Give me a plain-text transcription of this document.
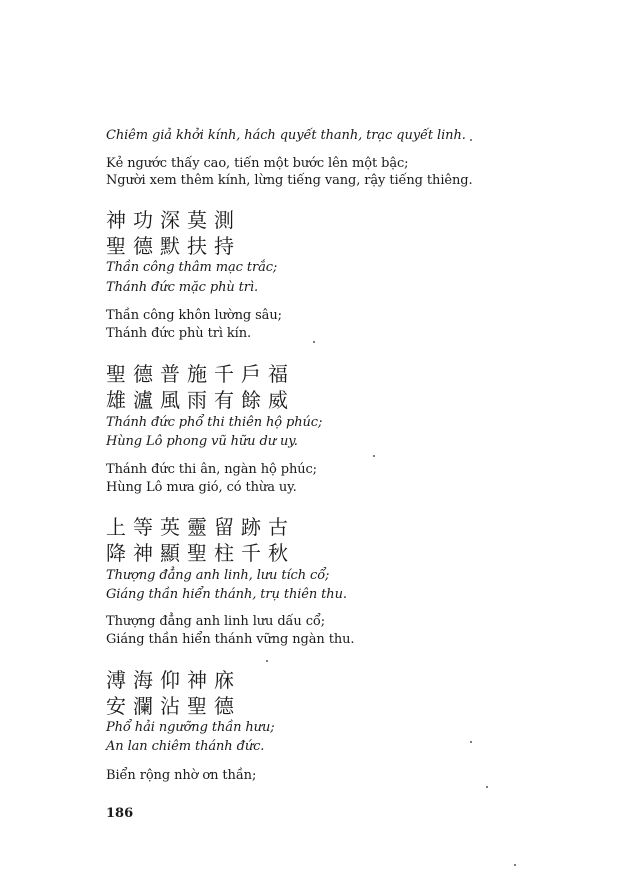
Chiêm giả khởi kính, hách quyết thanh, trạc quyết linh.
Kẻ ngước thấy cao, tiến một bước lên một bậc;
Người xem thêm kính, lừng tiếng vang, rậy tiếng thiêng.
神功深莫測
聖德默扶持
Thần công thâm mạc trắc;
Thánh đức mặc phù trì.
Thần công khôn lường sâu;
Thánh đức phù trì kín.
聖德普施千戶福
雄瀘風雨有餘威
Thánh đức phổ thi thiên hộ phúc;
Hùng Lô phong vũ hữu dư uy.
Thánh đức thi ân, ngàn hộ phúc;
Hùng Lô mưa gió, có thừa uy.
上等英靈留跡古
降神顯聖柱千秋
Thượng đẳng anh linh, lưu tích cổ;
Giáng thần hiển thánh, trụ thiên thu.
Thượng đẳng anh linh lưu dấu cổ;
Giáng thần hiển thánh vững ngàn thu.
溥海仰神庥
安瀾沾聖德
Phổ hải ngưỡng thần hưu;
An lan chiêm thánh đức.
Biển rộng nhờ ơn thần;
186
